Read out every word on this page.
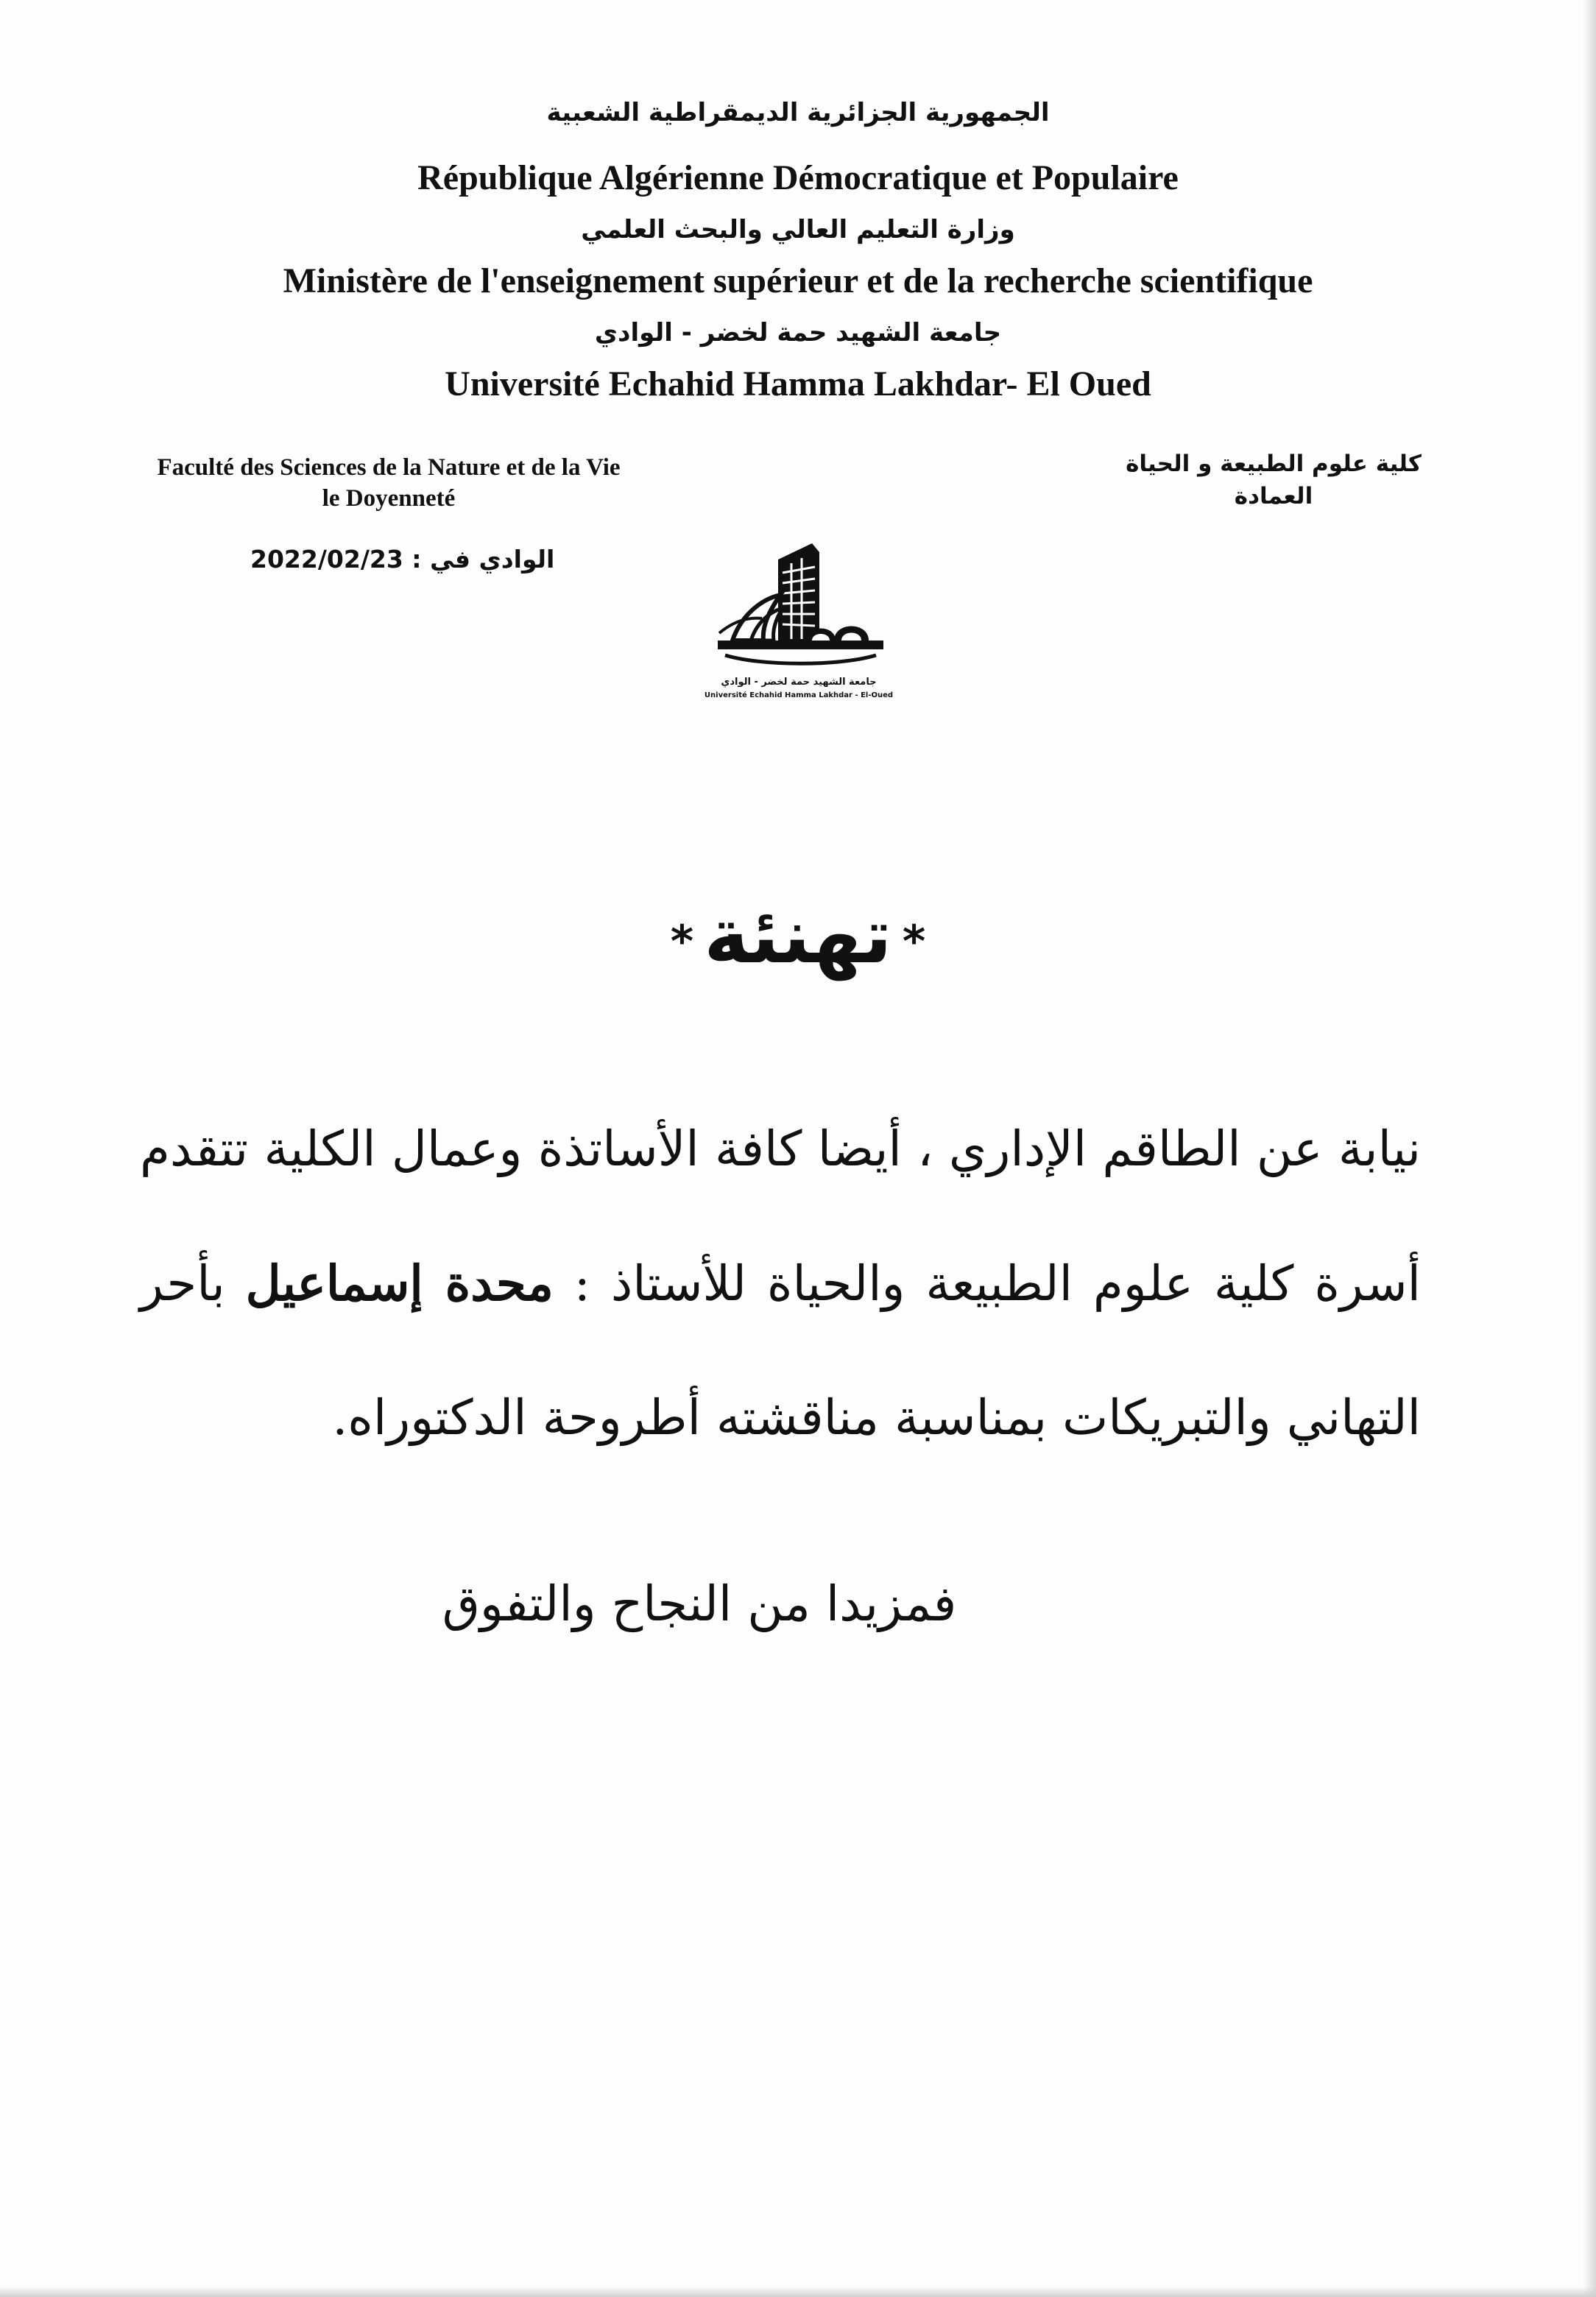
الجمهورية الجزائرية الديمقراطية الشعبية
République Algérienne Démocratique et Populaire
وزارة التعليم العالي والبحث العلمي
Ministère de l'enseignement supérieur et de la recherche scientifique
جامعة الشهيد حمة لخضر - الوادي
Université Echahid Hamma Lakhdar- El Oued
Faculté des Sciences de la Nature et de la Vie
le Doyenneté
الوادي في : 2022/02/23
كلية علوم الطبيعة و الحياة
العمادة
جامعة الشهيد حمة لخضر - الوادي
Université Echahid Hamma Lakhdar - El-Oued
*تهنئة*
نيابة عن الطاقم الإداري ، أيضا كافة الأساتذة وعمال الكلية تتقدم أسرة كلية علوم الطبيعة والحياة للأستاذ : محدة إسماعيل بأحر التهاني والتبريكات بمناسبة مناقشته أطروحة الدكتوراه.
فمزيدا من النجاح والتفوق
